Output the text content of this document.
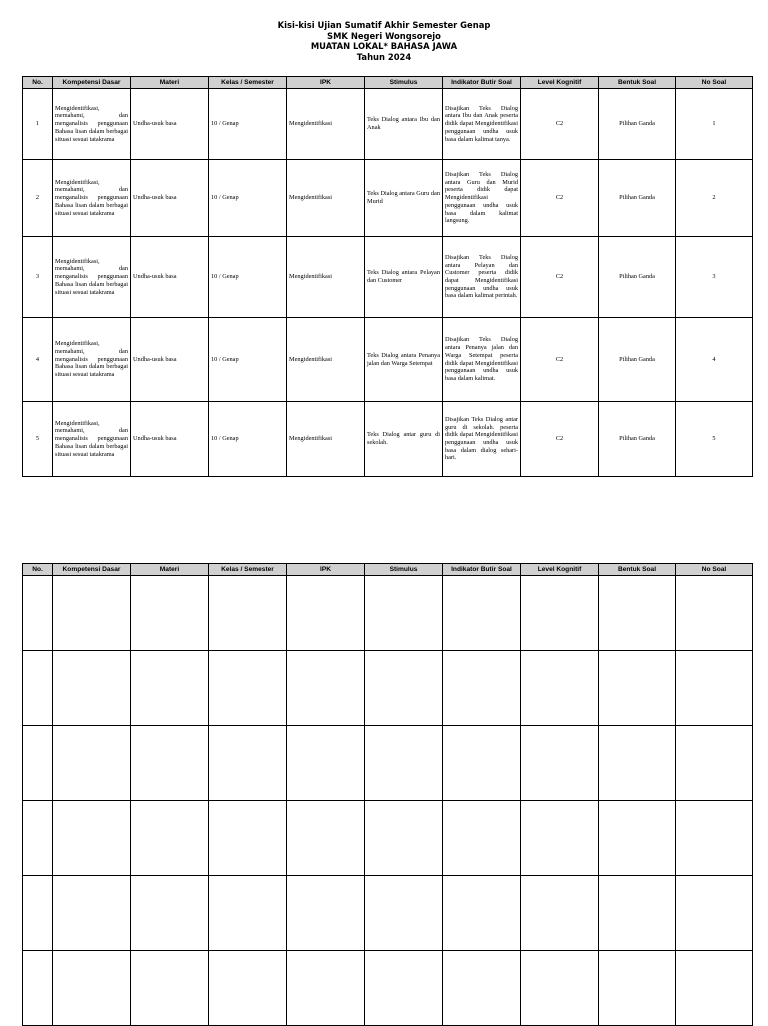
Kisi-kisi Ujian Sumatif Akhir Semester Genap
SMK Negeri Wongsorejo
MUATAN LOKAL* BAHASA JAWA
Tahun 2024
No.	Kompetensi Dasar	Materi	Kelas / Semester	IPK	Stimulus	Indikator Butir Soal	Level Kognitif	Bentuk Soal	No Soal
1	Mengidentifikasi, memahami, dan menganalisis penggunaan Bahasa lisan dalam berbagai situasi sesuai tatakrama	Undha-usuk basa	10 / Genap	Mengidentifikasi	Teks Dialog antara Ibu dan Anak	Disajikan Teks Dialog antara Ibu dan Anak peserta didik dapat Mengidentifikasi penggunaan undha usuk basa dalam kalimat tanya.	C2	Pilihan Ganda	1
2	Mengidentifikasi, memahami, dan menganalisis penggunaan Bahasa lisan dalam berbagai situasi sesuai tatakrama	Undha-usuk basa	10 / Genap	Mengidentifikasi	Teks Dialog antara Guru dan Murid	Disajikan Teks Dialog antara Guru dan Murid peserta didik dapat Mengidentifikasi penggunaan undha usuk basa dalam kalimat langsung.	C2	Pilihan Ganda	2
3	Mengidentifikasi, memahami, dan menganalisis penggunaan Bahasa lisan dalam berbagai situasi sesuai tatakrama	Undha-usuk basa	10 / Genap	Mengidentifikasi	Teks Dialog antara Pelayan dan Customer	Disajikan Teks Dialog antara Pelayan dan Customer peserta didik dapat Mengidentifikasi penggunaan undha usuk basa dalam kalimat perintah.	C2	Pilihan Ganda	3
4	Mengidentifikasi, memahami, dan menganalisis penggunaan Bahasa lisan dalam berbagai situasi sesuai tatakrama	Undha-usuk basa	10 / Genap	Mengidentifikasi	Teks Dialog antara Penanya jalan dan Warga Setempat	Disajikan Teks Dialog antara Penanya jalan dan Warga Setempat peserta didik dapat Mengidentifikasi penggunaan undha usuk basa dalam kalimat.	C2	Pilihan Ganda	4
5	Mengidentifikasi, memahami, dan menganalisis penggunaan Bahasa lisan dalam berbagai situasi sesuai tatakrama	Undha-usuk basa	10 / Genap	Mengidentifikasi	Teks Dialog antar guru di sekolah.	Disajikan Teks Dialog antar guru di sekolah. peserta didik dapat Mengidentifikasi penggunaan undha usuk basa dalam dialog sehari-hari.	C2	Pilihan Ganda	5
No.	Kompetensi Dasar	Materi	Kelas / Semester	IPK	Stimulus	Indikator Butir Soal	Level Kognitif	Bentuk Soal	No Soal
